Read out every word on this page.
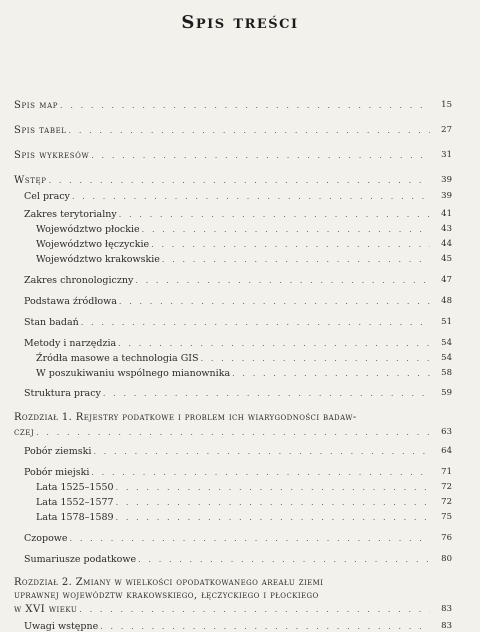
Spis treści
Spis map . . .	15
Spis tabel . . .	27
Spis wykresów . . .	31
Wstęp . . .	39
Cel pracy . . .	39
Zakres terytorialny . . .	41
Województwo płockie . . .	43
Województwo łęczyckie . . .	44
Województwo krakowskie . . .	45
Zakres chronologiczny . . .	47
Podstawa źródłowa . . .	48
Stan badań . . .	51
Metody i narzędzia . . .	54
Źródła masowe a technologia GIS . . .	54
W poszukiwaniu wspólnego mianownika . . .	58
Struktura pracy . . .	59
Rozdział 1. Rejestry podatkowe i problem ich wiarygodności badaw-
czej . . .	63
Pobór ziemski . . .	64
Pobór miejski . . .	71
Lata 1525–1550 . . .	72
Lata 1552–1577 . . .	72
Lata 1578–1589 . . .	75
Czopowe . . .	76
Sumariusze podatkowe . . .	80
Rozdział 2. Zmiany w wielkości opodatkowanego areału ziemi
uprawnej województw krakowskiego, łęczyckiego i płockiego
w XVI wieku . . .	83
Uwagi wstępne . . .	83
